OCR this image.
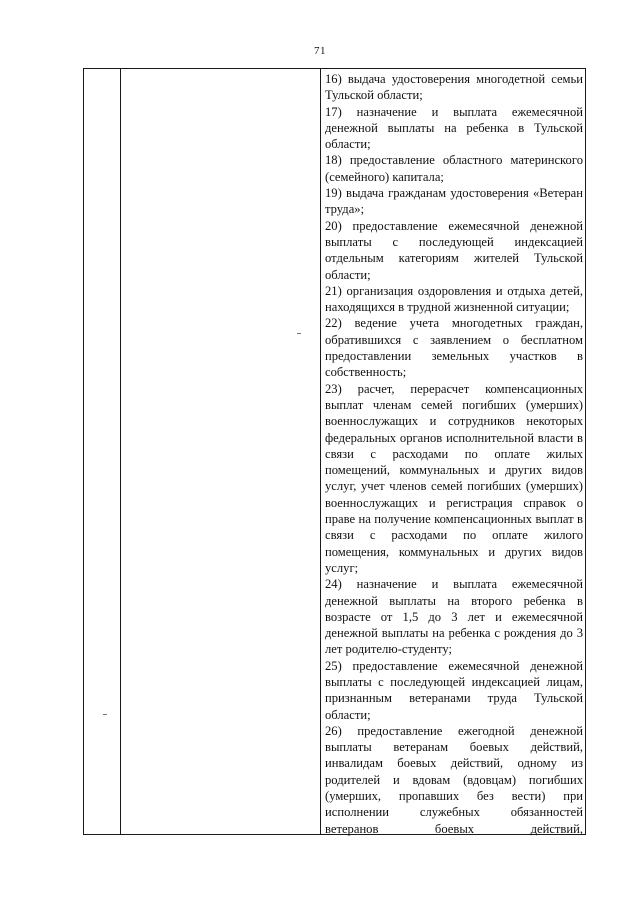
71
16) выдача удостоверения многодетной семьи Тульской области;
17) назначение и выплата ежемесячной денежной выплаты на ребенка в Тульской области;
18) предоставление областного материнского (семейного) капитала;
19) выдача гражданам удостоверения «Ветеран труда»;
20) предоставление ежемесячной денежной выплаты с последующей индексацией отдельным категориям жителей Тульской области;
21) организация оздоровления и отдыха детей, находящихся в трудной жизненной ситуации;
22) ведение учета многодетных граждан, обратившихся с заявлением о бесплатном предоставлении земельных участков в собственность;
23) расчет, перерасчет компенсационных выплат членам семей погибших (умерших) военнослужащих и сотрудников некоторых федеральных органов исполнительной власти в связи с расходами по оплате жилых помещений, коммунальных и других видов услуг, учет членов семей погибших (умерших) военнослужащих и регистрация справок о праве на получение компенсационных выплат в связи с расходами по оплате жилого помещения, коммунальных и других видов услуг;
24) назначение и выплата ежемесячной денежной выплаты на второго ребенка в возрасте от 1,5 до 3 лет и ежемесячной денежной выплаты на ребенка с рождения до 3 лет родителю-студенту;
25) предоставление ежемесячной денежной выплаты с последующей индексацией лицам, признанным ветеранами труда Тульской области;
26) предоставление ежегодной денежной выплаты ветеранам боевых действий, инвалидам боевых действий, одному из родителей и вдовам (вдовцам) погибших (умерших, пропавших без вести) при исполнении служебных обязанностей ветеранов боевых действий,
